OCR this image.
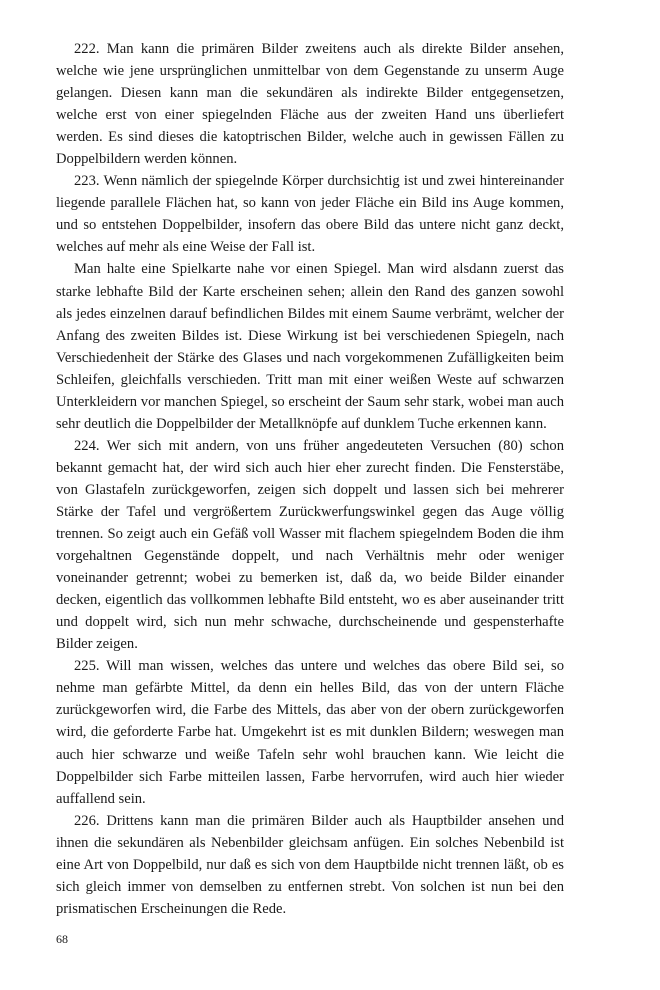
222. Man kann die primären Bilder zweitens auch als direkte Bilder ansehen, welche wie jene ursprünglichen unmittelbar von dem Gegenstande zu unserm Auge gelangen. Diesen kann man die sekundären als indirekte Bilder entgegensetzen, welche erst von einer spiegelnden Fläche aus der zweiten Hand uns überliefert werden. Es sind dieses die katoptrischen Bilder, welche auch in gewissen Fällen zu Doppelbildern werden können.

223. Wenn nämlich der spiegelnde Körper durchsichtig ist und zwei hintereinander liegende parallele Flächen hat, so kann von jeder Fläche ein Bild ins Auge kommen, und so entstehen Doppelbilder, insofern das obere Bild das untere nicht ganz deckt, welches auf mehr als eine Weise der Fall ist.

Man halte eine Spielkarte nahe vor einen Spiegel. Man wird alsdann zuerst das starke lebhafte Bild der Karte erscheinen sehen; allein den Rand des ganzen sowohl als jedes einzelnen darauf befindlichen Bildes mit einem Saume verbrämt, welcher der Anfang des zweiten Bildes ist. Diese Wirkung ist bei verschiedenen Spiegeln, nach Verschiedenheit der Stärke des Glases und nach vorgekommenen Zufälligkeiten beim Schleifen, gleichfalls verschieden. Tritt man mit einer weißen Weste auf schwarzen Unterkleidern vor manchen Spiegel, so erscheint der Saum sehr stark, wobei man auch sehr deutlich die Doppelbilder der Metallknöpfe auf dunklem Tuche erkennen kann.

224. Wer sich mit andern, von uns früher angedeuteten Versuchen (80) schon bekannt gemacht hat, der wird sich auch hier eher zurecht finden. Die Fensterstäbe, von Glastafeln zurückgeworfen, zeigen sich doppelt und lassen sich bei mehrerer Stärke der Tafel und vergrößertem Zurückwerfungswinkel gegen das Auge völlig trennen. So zeigt auch ein Gefäß voll Wasser mit flachem spiegelndem Boden die ihm vorgehaltnen Gegenstände doppelt, und nach Verhältnis mehr oder weniger voneinander getrennt; wobei zu bemerken ist, daß da, wo beide Bilder einander decken, eigentlich das vollkommen lebhafte Bild entsteht, wo es aber auseinander tritt und doppelt wird, sich nun mehr schwache, durchscheinende und gespensterhafte Bilder zeigen.

225. Will man wissen, welches das untere und welches das obere Bild sei, so nehme man gefärbte Mittel, da denn ein helles Bild, das von der untern Fläche zurückgeworfen wird, die Farbe des Mittels, das aber von der obern zurückgeworfen wird, die geforderte Farbe hat. Umgekehrt ist es mit dunklen Bildern; weswegen man auch hier schwarze und weiße Tafeln sehr wohl brauchen kann. Wie leicht die Doppelbilder sich Farbe mitteilen lassen, Farbe hervorrufen, wird auch hier wieder auffallend sein.

226. Drittens kann man die primären Bilder auch als Hauptbilder ansehen und ihnen die sekundären als Nebenbilder gleichsam anfügen. Ein solches Nebenbild ist eine Art von Doppelbild, nur daß es sich von dem Hauptbilde nicht trennen läßt, ob es sich gleich immer von demselben zu entfernen strebt. Von solchen ist nun bei den prismatischen Erscheinungen die Rede.

68
